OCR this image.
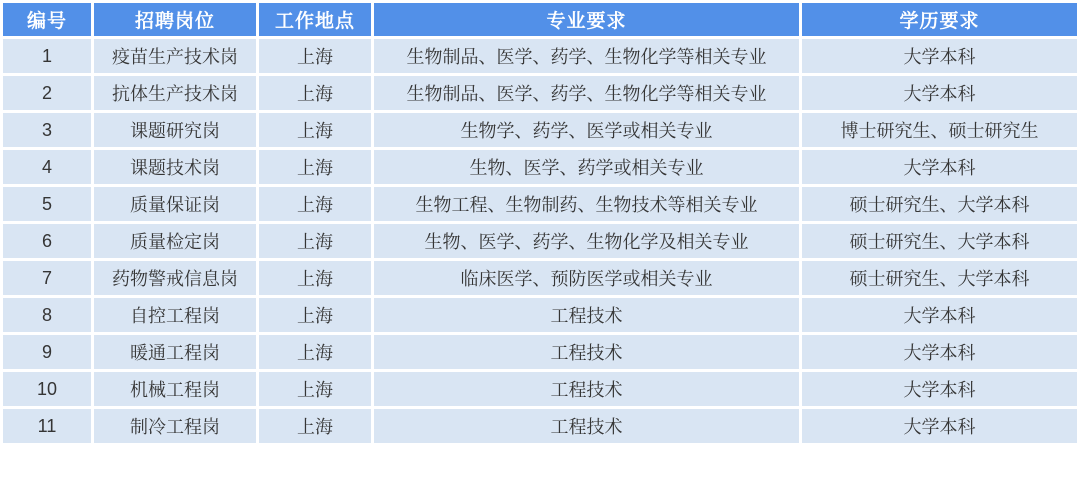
编号	招聘岗位	工作地点	专业要求	学历要求
1	疫苗生产技术岗	上海	生物制品、医学、药学、生物化学等相关专业	大学本科
2	抗体生产技术岗	上海	生物制品、医学、药学、生物化学等相关专业	大学本科
3	课题研究岗	上海	生物学、药学、医学或相关专业	博士研究生、硕士研究生
4	课题技术岗	上海	生物、医学、药学或相关专业	大学本科
5	质量保证岗	上海	生物工程、生物制药、生物技术等相关专业	硕士研究生、大学本科
6	质量检定岗	上海	生物、医学、药学、生物化学及相关专业	硕士研究生、大学本科
7	药物警戒信息岗	上海	临床医学、预防医学或相关专业	硕士研究生、大学本科
8	自控工程岗	上海	工程技术	大学本科
9	暖通工程岗	上海	工程技术	大学本科
10	机械工程岗	上海	工程技术	大学本科
11	制冷工程岗	上海	工程技术	大学本科
